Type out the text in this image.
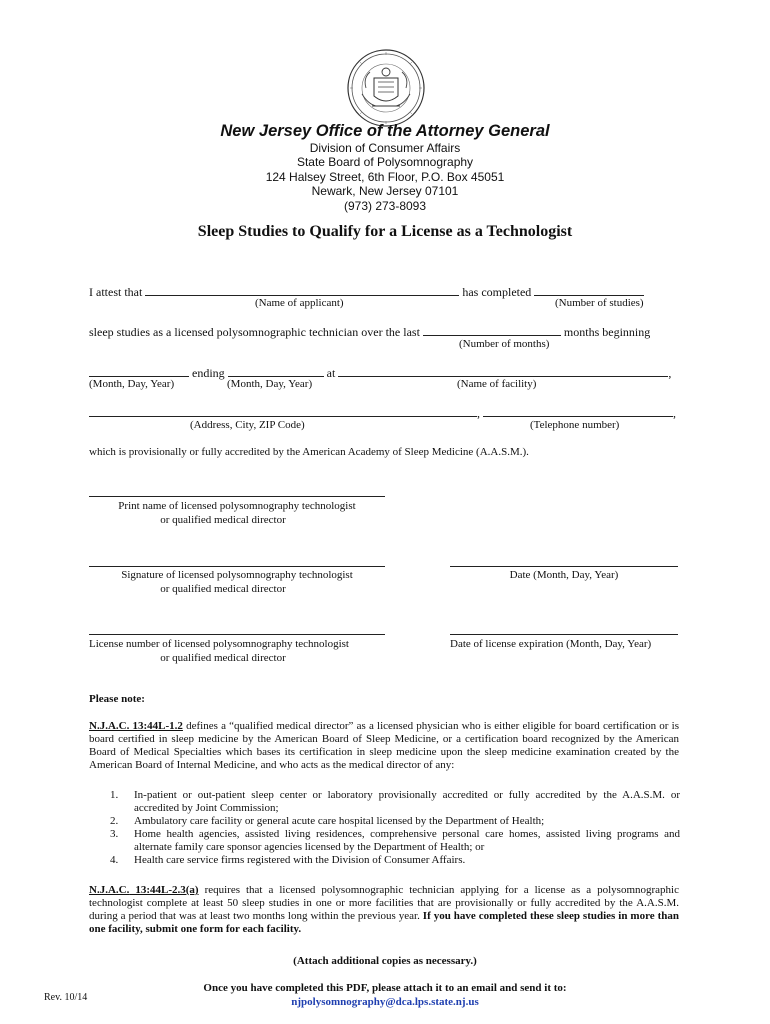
New Jersey Office of the Attorney General
Division of Consumer Affairs
State Board of Polysomnography
124 Halsey Street, 6th Floor, P.O. Box 45051
Newark, New Jersey 07101
(973) 273-8093
Sleep Studies to Qualify for a License as a Technologist
I attest that	has completed
(Name of applicant)	(Number of studies)
sleep studies as a licensed polysomnographic technician over the last	months beginning
(Number of months)
ending	at	,
(Month, Day, Year)	(Month, Day, Year)	(Name of facility)
,	,
(Address, City, ZIP Code)	(Telephone number)
which is provisionally or fully accredited by the American Academy of Sleep Medicine (A.A.S.M.).
Print name of licensed polysomnography technologist
or qualified medical director
Signature of licensed polysomnography technologist
or qualified medical director
Date (Month, Day, Year)
License number of licensed polysomnography technologist
or qualified medical director
Date of license expiration (Month, Day, Year)
Please note:
N.J.A.C. 13:44L-1.2 defines a “qualified medical director” as a licensed physician who is either eligible for board certification or is board certified in sleep medicine by the American Board of Sleep Medicine, or a certification board recognized by the American Board of Medical Specialties which bases its certification in sleep medicine upon the sleep medicine examination created by the American Board of Internal Medicine, and who acts as the medical director of any:
1.	In-patient or out-patient sleep center or laboratory provisionally accredited or fully accredited by the A.A.S.M. or accredited by Joint Commission;
2.	Ambulatory care facility or general acute care hospital licensed by the Department of Health;
3.	Home health agencies, assisted living residences, comprehensive personal care homes, assisted living programs and alternate family care sponsor agencies licensed by the Department of Health; or
4.	Health care service firms registered with the Division of Consumer Affairs.
N.J.A.C. 13:44L-2.3(a) requires that a licensed polysomnographic technician applying for a license as a polysomnographic technologist complete at least 50 sleep studies in one or more facilities that are provisionally or fully accredited by the A.A.S.M. during a period that was at least two months long within the previous year. If you have completed these sleep studies in more than one facility, submit one form for each facility.
(Attach additional copies as necessary.)
Once you have completed this PDF, please attach it to an email and send it to:
njpolysomnography@dca.lps.state.nj.us
Rev. 10/14
